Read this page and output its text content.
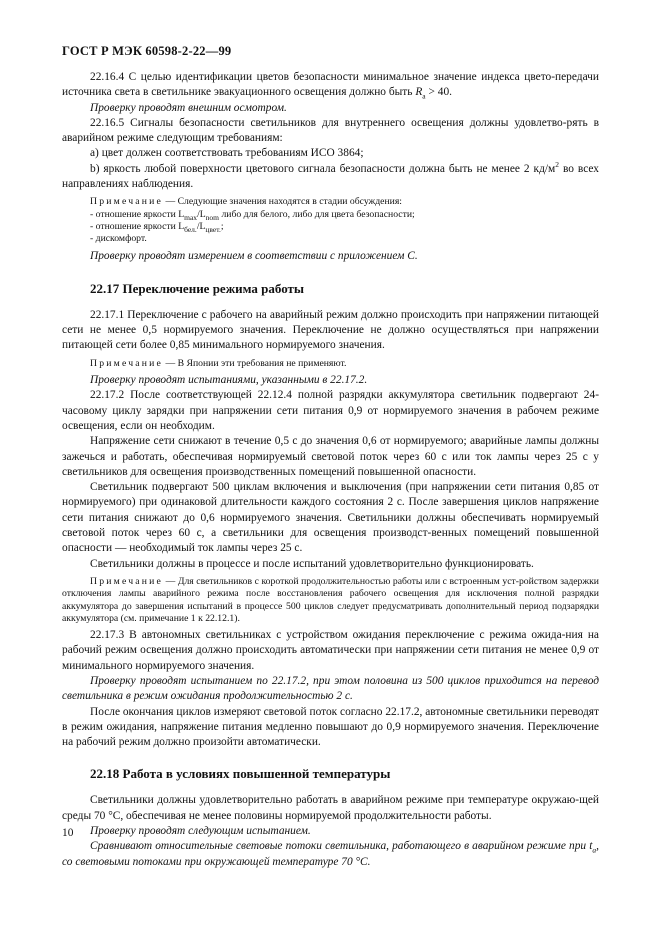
ГОСТ Р МЭК 60598-2-22—99

22.16.4 С целью идентификации цветов безопасности минимальное значение индекса цвето-передачи источника света в светильнике эвакуационного освещения должно быть $R_a > 40$.

Проверку проводят внешним осмотром.

22.16.5 Сигналы безопасности светильников для внутреннего освещения должны удовлетво-рять в аварийном режиме следующим требованиям:

a) цвет должен соответствовать требованиям ИСО 3864;

b) яркость любой поверхности цветового сигнала безопасности должна быть не менее 2 $кд/м^2$ во всех направлениях наблюдения.

Примечание — Следующие значения находятся в стадии обсуждения:

- отношение яркости $L_{max}/L_{nom}$ либо для белого, либо для цвета безопасности;

- отношение яркости $L_{бел.}/L_{цвет.}$;

- дискомфорт.

Проверку проводят измерением в соответствии с приложением С.

22.17 Переключение режима работы

22.17.1 Переключение с рабочего на аварийный режим должно происходить при напряжении питающей сети не менее 0,5 нормируемого значения. Переключение не должно осуществляться при напряжении питающей сети более 0,85 минимального нормируемого значения.

Примечание — В Японии эти требования не применяют.

Проверку проводят испытаниями, указанными в 22.17.2.

22.17.2 После соответствующей 22.12.4 полной разрядки аккумулятора светильник подвергают 24-часовому циклу зарядки при напряжении сети питания 0,9 от нормируемого значения в рабочем режиме освещения, если он необходим.

Напряжение сети снижают в течение 0,5 с до значения 0,6 от нормируемого; аварийные лампы должны зажечься и работать, обеспечивая нормируемый световой поток через 60 с или ток лампы через 25 с у светильников для освещения производственных помещений повышенной опасности.

Светильник подвергают 500 циклам включения и выключения (при напряжении сети питания 0,85 от нормируемого) при одинаковой длительности каждого состояния 2 с. После завершения циклов напряжение сети питания снижают до 0,6 нормируемого значения. Светильники должны обеспечивать нормируемый световой поток через 60 с, а светильники для освещения производст-венных помещений повышенной опасности — необходимый ток лампы через 25 с.

Светильники должны в процессе и после испытаний удовлетворительно функционировать.

Примечание — Для светильников с короткой продолжительностью работы или с встроенным уст-ройством задержки отключения лампы аварийного режима после восстановления рабочего освещения для исключения полной разрядки аккумулятора до завершения испытаний в процессе 500 циклов следует предусматривать дополнительный период подзарядки аккумулятора (см. примечание 1 к 22.12.1).

22.17.3 В автономных светильниках с устройством ожидания переключение с режима ожида-ния на рабочий режим освещения должно происходить автоматически при напряжении сети питания не менее 0,9 от минимального нормируемого значения.

Проверку проводят испытанием по 22.17.2, при этом половина из 500 циклов приходится на перевод светильника в режим ожидания продолжительностью 2 с.

После окончания циклов измеряют световой поток согласно 22.17.2, автономные светильники переводят в режим ожидания, напряжение питания медленно повышают до 0,9 нормируемого значения. Переключение на рабочий режим должно произойти автоматически.

22.18 Работа в условиях повышенной температуры

Светильники должны удовлетворительно работать в аварийном режиме при температуре окружаю-щей среды 70 °С, обеспечивая не менее половины нормируемой продолжительности работы.

Проверку проводят следующим испытанием.

Сравнивают относительные световые потоки светильника, работающего в аварийном режиме при $t_a$, со световыми потоками при окружающей температуре 70 °С.

10
